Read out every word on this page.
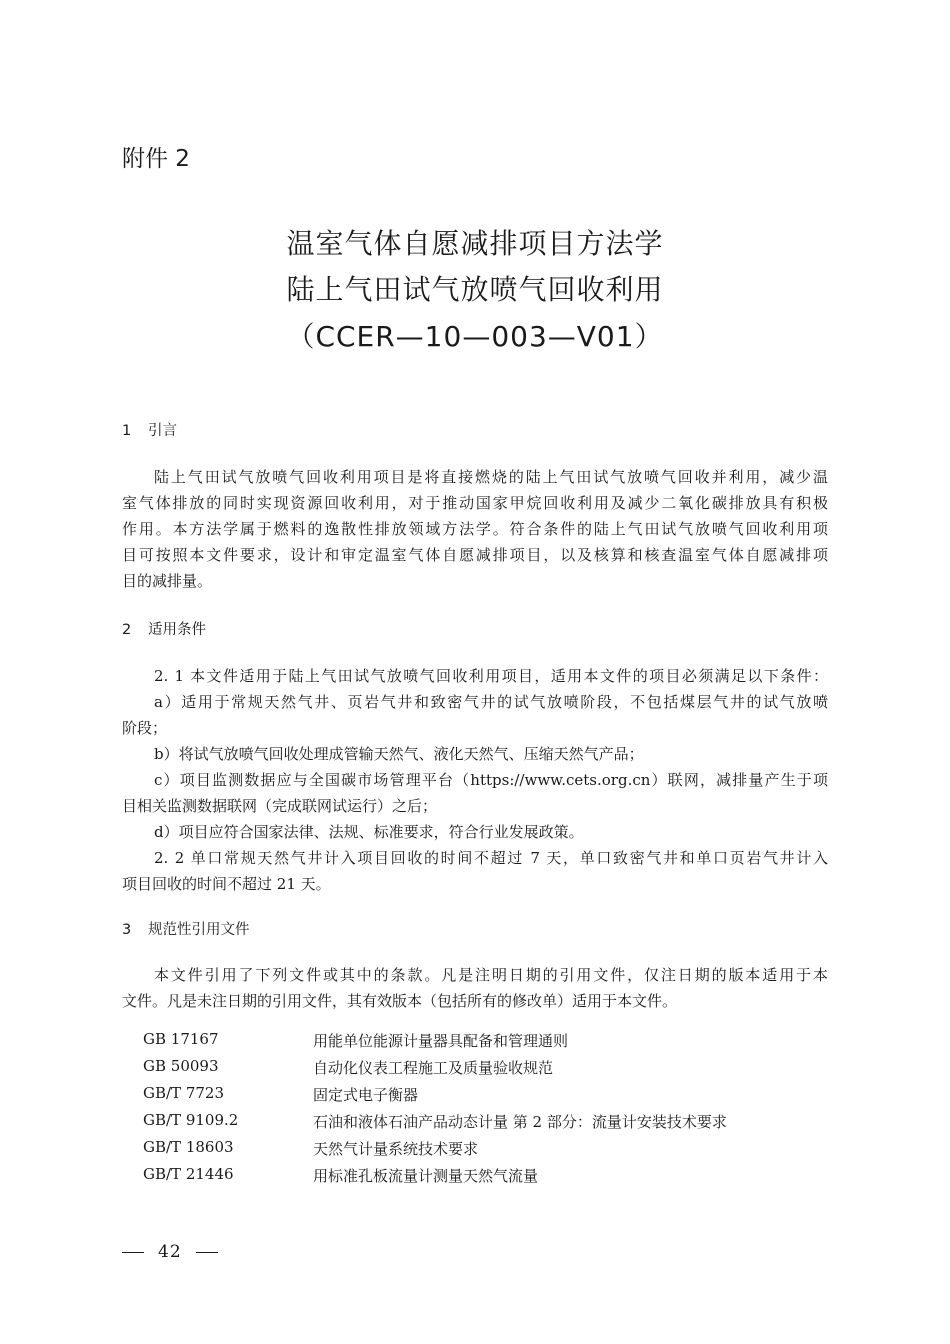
附件 2
温室气体自愿减排项目方法学
陆上气田试气放喷气回收利用
（CCER—10—003—V01）
1 引言
陆上气田试气放喷气回收利用项目是将直接燃烧的陆上气田试气放喷气回收并利用，减少温
室气体排放的同时实现资源回收利用，对于推动国家甲烷回收利用及减少二氧化碳排放具有积极
作用。本方法学属于燃料的逸散性排放领域方法学。符合条件的陆上气田试气放喷气回收利用项
目可按照本文件要求，设计和审定温室气体自愿减排项目，以及核算和核查温室气体自愿减排项
目的减排量。
2 适用条件
2. 1 本文件适用于陆上气田试气放喷气回收利用项目，适用本文件的项目必须满足以下条件：
a）适用于常规天然气井、页岩气井和致密气井的试气放喷阶段，不包括煤层气井的试气放喷
阶段；
b）将试气放喷气回收处理成管输天然气、液化天然气、压缩天然气产品；
c）项目监测数据应与全国碳市场管理平台（https://www.cets.org.cn）联网，减排量产生于项
目相关监测数据联网（完成联网试运行）之后；
d）项目应符合国家法律、法规、标准要求，符合行业发展政策。
2. 2 单口常规天然气井计入项目回收的时间不超过 7 天，单口致密气井和单口页岩气井计入
项目回收的时间不超过 21 天。
3 规范性引用文件
本文件引用了下列文件或其中的条款。凡是注明日期的引用文件，仅注日期的版本适用于本
文件。凡是未注日期的引用文件，其有效版本（包括所有的修改单）适用于本文件。
GB 17167	用能单位能源计量器具配备和管理通则
GB 50093	自动化仪表工程施工及质量验收规范
GB/T 7723	固定式电子衡器
GB/T 9109.2	石油和液体石油产品动态计量 第 2 部分：流量计安装技术要求
GB/T 18603	天然气计量系统技术要求
GB/T 21446	用标准孔板流量计测量天然气流量
42
